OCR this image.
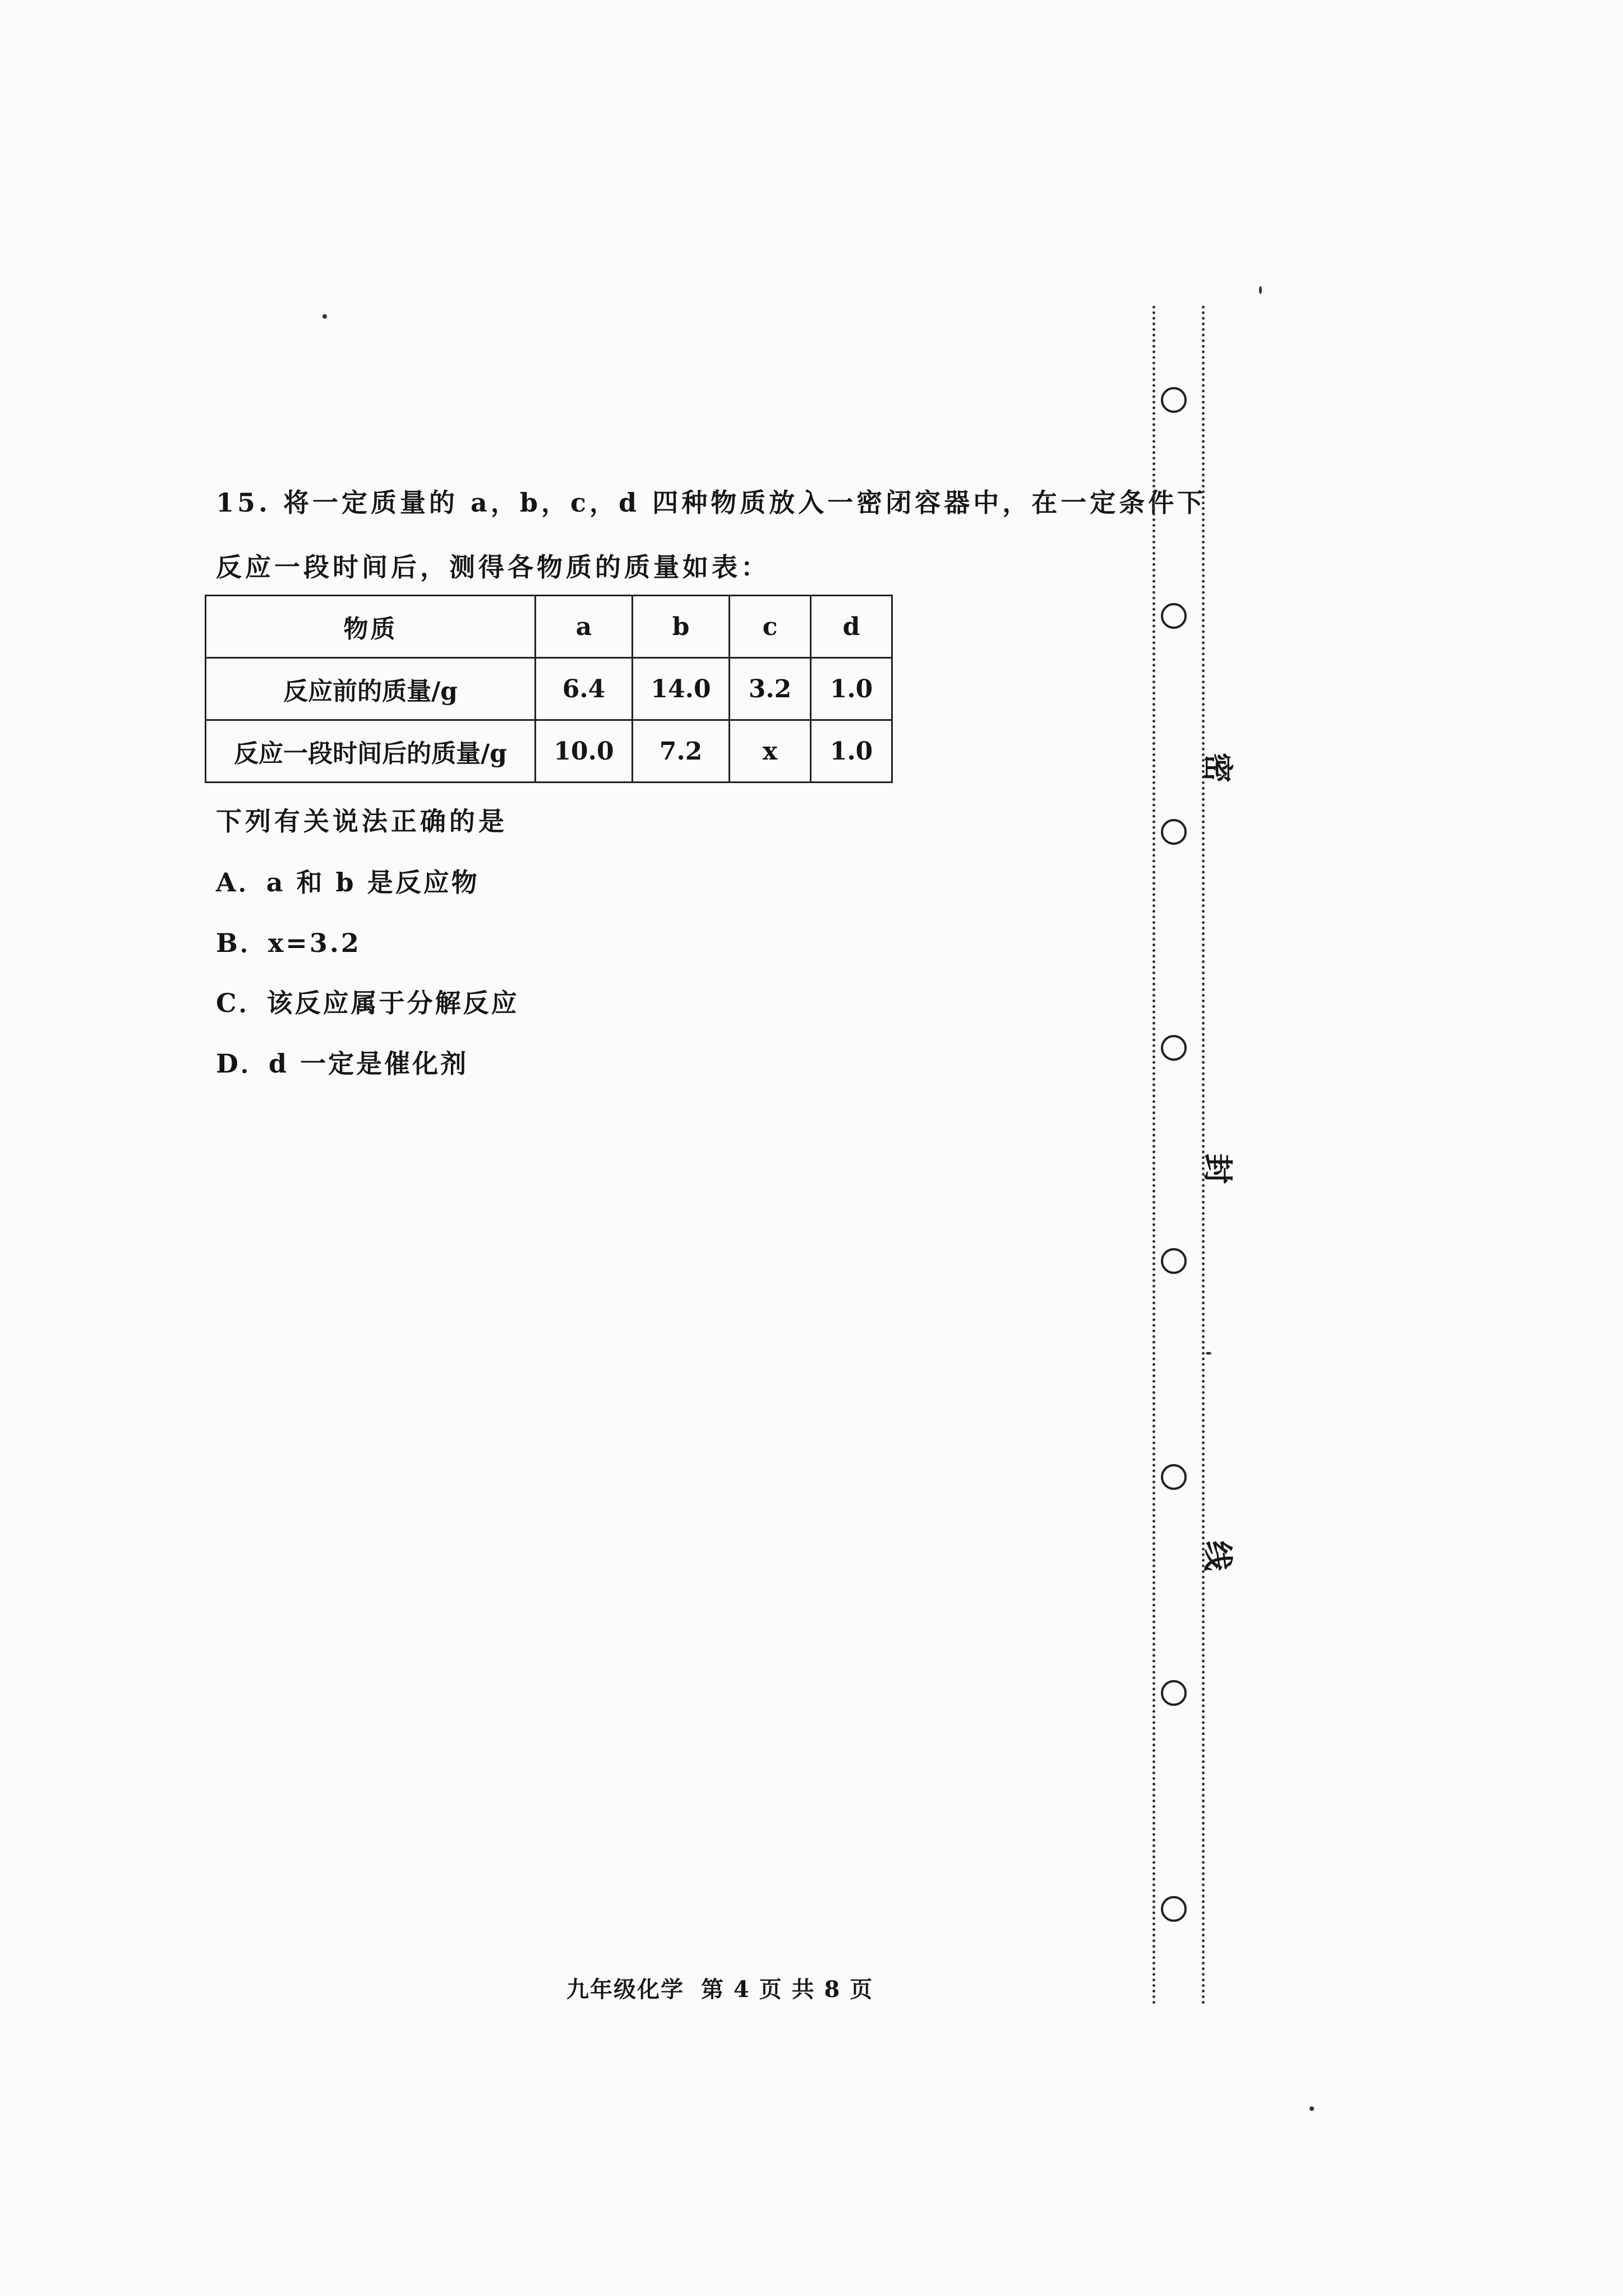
15. 将一定质量的 a，b，c，d 四种物质放入一密闭容器中，在一定条件下
反应一段时间后，测得各物质的质量如表：
物质	a	b	c	d
反应前的质量/g	6.4	14.0	3.2	1.0
反应一段时间后的质量/g	10.0	7.2	x	1.0
下列有关说法正确的是
A．a 和 b 是反应物
B．x=3.2
C．该反应属于分解反应
D．d 一定是催化剂
九年级化学 第 4 页 共 8 页
密
封
线
